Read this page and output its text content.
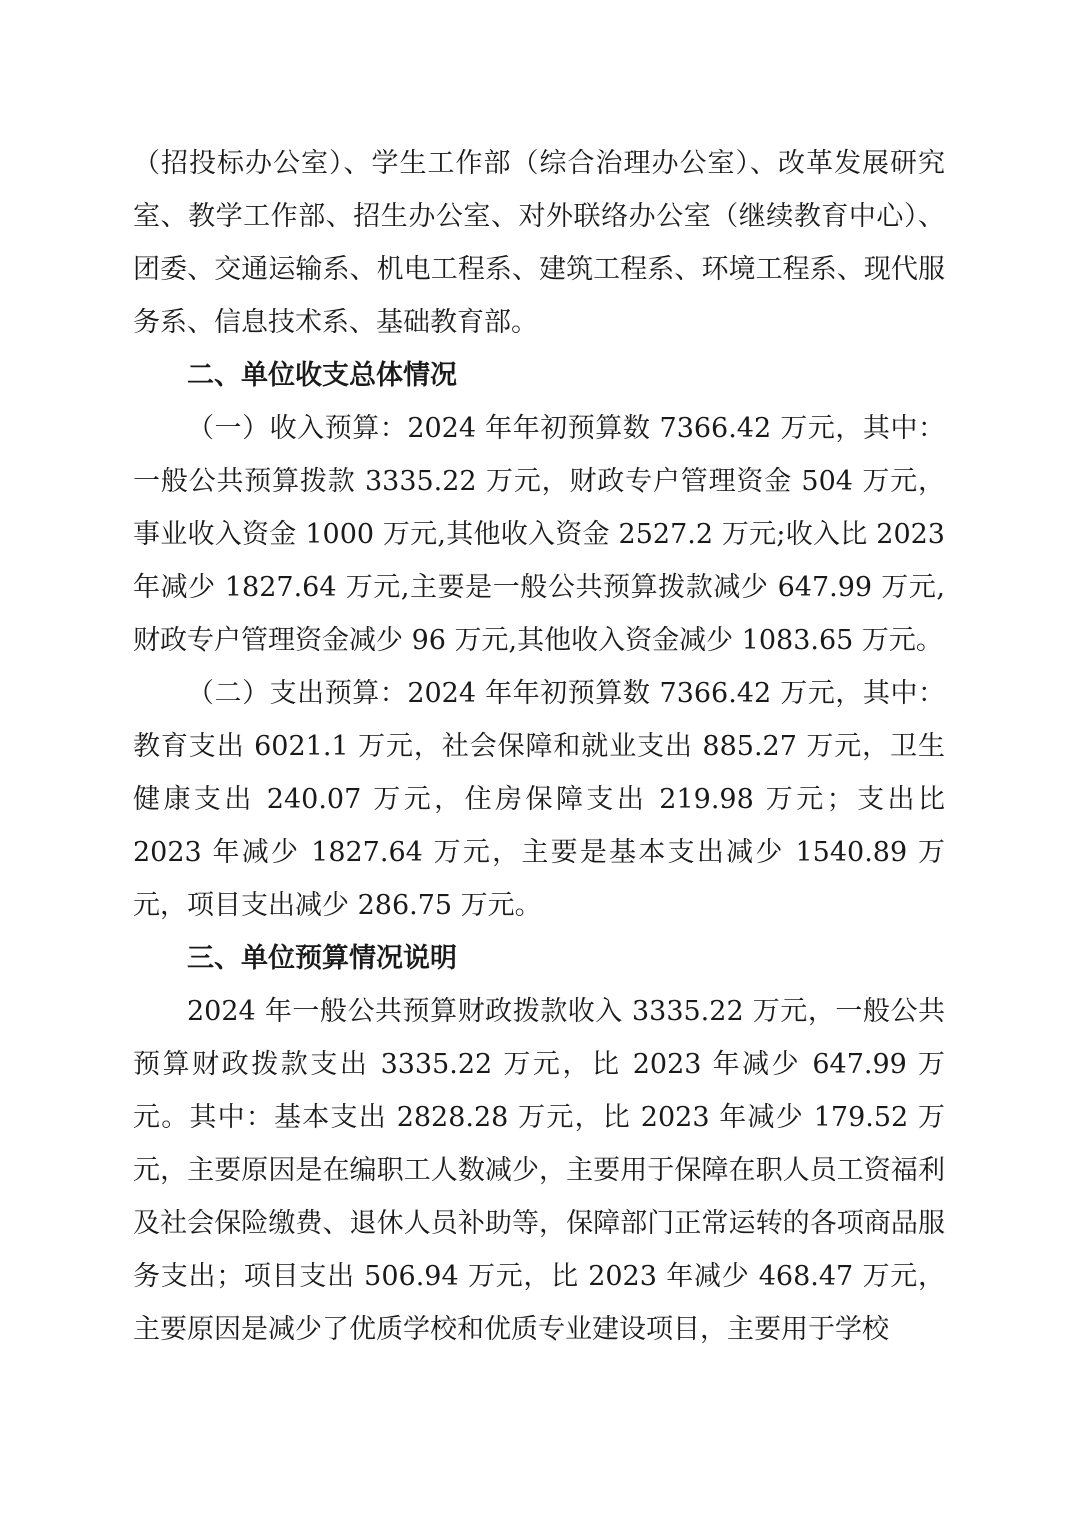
（招投标办公室）、学生工作部（综合治理办公室）、改革发展研究室、教学工作部、招生办公室、对外联络办公室（继续教育中心）、团委、交通运输系、机电工程系、建筑工程系、环境工程系、现代服务系、信息技术系、基础教育部。

二、单位收支总体情况

（一）收入预算：2024 年年初预算数 7366.42 万元，其中：一般公共预算拨款 3335.22 万元，财政专户管理资金 504 万元，事业收入资金 1000 万元,其他收入资金 2527.2 万元;收入比 2023 年减少 1827.64 万元,主要是一般公共预算拨款减少 647.99 万元,财政专户管理资金减少 96 万元,其他收入资金减少 1083.65 万元。

（二）支出预算：2024 年年初预算数 7366.42 万元，其中：教育支出 6021.1 万元，社会保障和就业支出 885.27 万元，卫生健康支出 240.07 万元，住房保障支出 219.98 万元；支出比 2023 年减少 1827.64 万元，主要是基本支出减少 1540.89 万元，项目支出减少 286.75 万元。

三、单位预算情况说明

2024 年一般公共预算财政拨款收入 3335.22 万元，一般公共预算财政拨款支出 3335.22 万元，比 2023 年减少 647.99 万元。其中：基本支出 2828.28 万元，比 2023 年减少 179.52 万元，主要原因是在编职工人数减少，主要用于保障在职人员工资福利及社会保险缴费、退休人员补助等，保障部门正常运转的各项商品服务支出；项目支出 506.94 万元，比 2023 年减少 468.47 万元，主要原因是减少了优质学校和优质专业建设项目，主要用于学校
